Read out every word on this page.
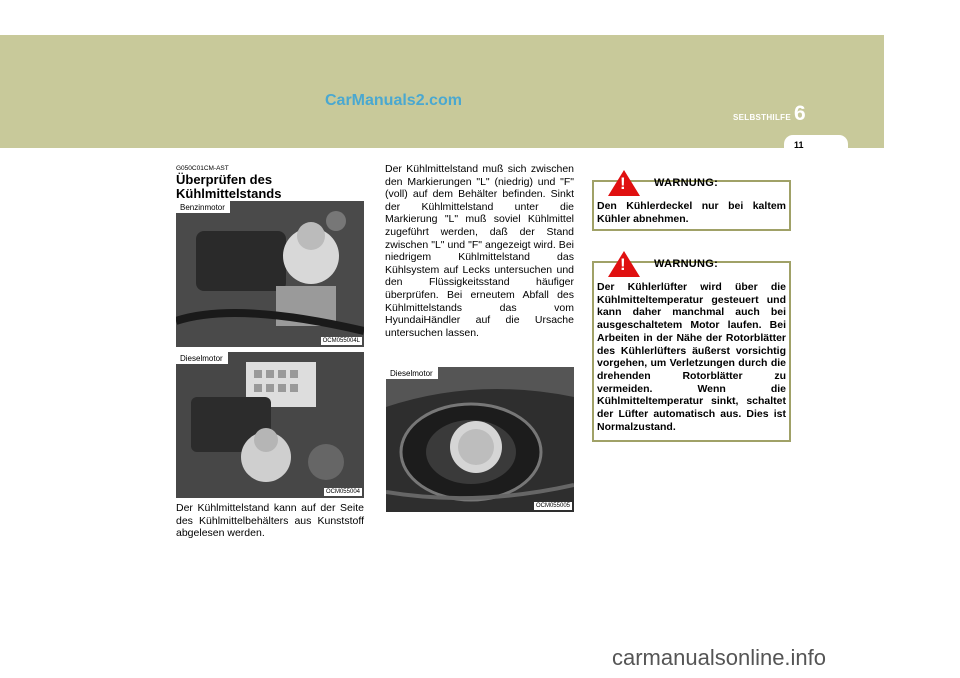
CarManuals2.com
SELBSTHILFE 6
11
G050C01CM-AST
Überprüfen des
Kühlmittelstands
Benzinmotor
OCM055004L
Dieselmotor
OCM055004
Der Kühlmittelstand kann auf der Seite des Kühlmittelbehälters aus Kunststoff abgelesen werden.
Der Kühlmittelstand muß sich zwischen den Markierungen "L" (niedrig) und "F" (voll) auf dem Behälter befinden. Sinkt der Kühlmittelstand unter die Markierung "L" muß soviel Kühlmittel zugeführt werden, daß der Stand zwischen "L" und "F" angezeigt wird. Bei niedrigem Kühlmittelstand das Kühlsystem auf Lecks untersuchen und den Flüssigkeitsstand häufiger überprüfen. Bei erneutem Abfall des Kühlmittelstands das vom HyundaiHändler auf die Ursache untersuchen lassen.
Dieselmotor
OCM055005
!	WARNUNG:
Den Kühlerdeckel nur bei kaltem Kühler abnehmen.
!	WARNUNG:
Der Kühlerlüfter wird über die Kühlmitteltemperatur gesteuert und kann daher manchmal auch bei ausgeschaltetem Motor laufen. Bei Arbeiten in der Nähe der Rotorblätter des Kühlerlüfters äußerst vorsichtig vorgehen, um Verletzungen durch die drehenden Rotorblätter zu vermeiden. Wenn die Kühlmitteltemperatur sinkt, schaltet der Lüfter automatisch aus. Dies ist Normalzustand.
carmanualsonline.info
